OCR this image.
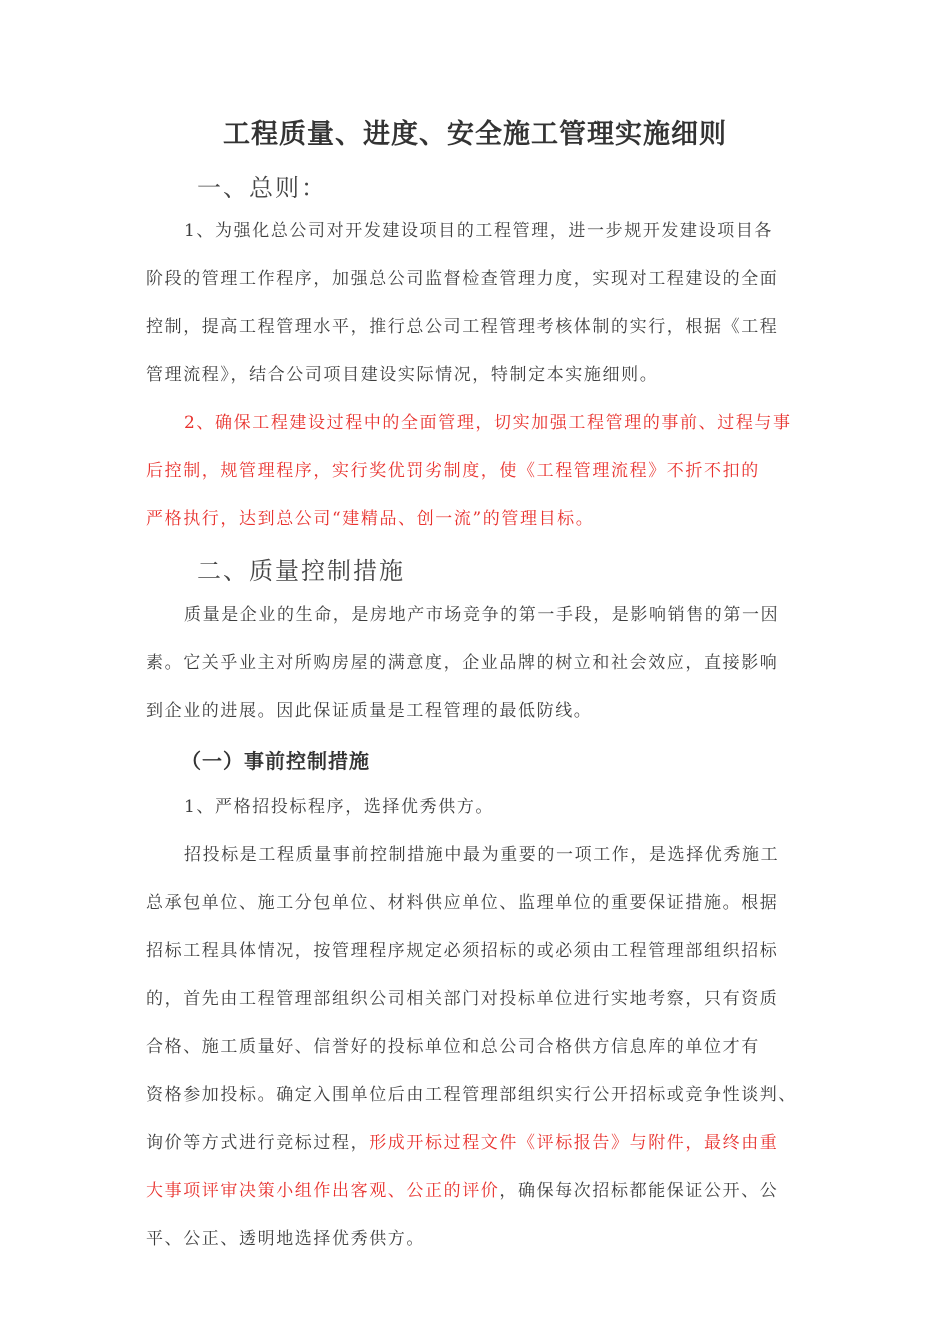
工程质量、进度、安全施工管理实施细则
一、总则：
1、为强化总公司对开发建设项目的工程管理，进一步规开发建设项目各
阶段的管理工作程序，加强总公司监督检查管理力度，实现对工程建设的全面
控制，提高工程管理水平，推行总公司工程管理考核体制的实行，根据《工程
管理流程》，结合公司项目建设实际情况，特制定本实施细则。
2、确保工程建设过程中的全面管理，切实加强工程管理的事前、过程与事
后控制，规管理程序，实行奖优罚劣制度，使《工程管理流程》不折不扣的
严格执行，达到总公司“建精品、创一流”的管理目标。
二、质量控制措施
质量是企业的生命，是房地产市场竞争的第一手段，是影响销售的第一因
素。它关乎业主对所购房屋的满意度，企业品牌的树立和社会效应，直接影响
到企业的进展。因此保证质量是工程管理的最低防线。
（一）事前控制措施
1、严格招投标程序，选择优秀供方。
招投标是工程质量事前控制措施中最为重要的一项工作，是选择优秀施工
总承包单位、施工分包单位、材料供应单位、监理单位的重要保证措施。根据
招标工程具体情况，按管理程序规定必须招标的或必须由工程管理部组织招标
的，首先由工程管理部组织公司相关部门对投标单位进行实地考察，只有资质
合格、施工质量好、信誉好的投标单位和总公司合格供方信息库的单位才有
资格参加投标。确定入围单位后由工程管理部组织实行公开招标或竞争性谈判、
询价等方式进行竞标过程，形成开标过程文件《评标报告》与附件，最终由重
大事项评审决策小组作出客观、公正的评价，确保每次招标都能保证公开、公
平、公正、透明地选择优秀供方。
